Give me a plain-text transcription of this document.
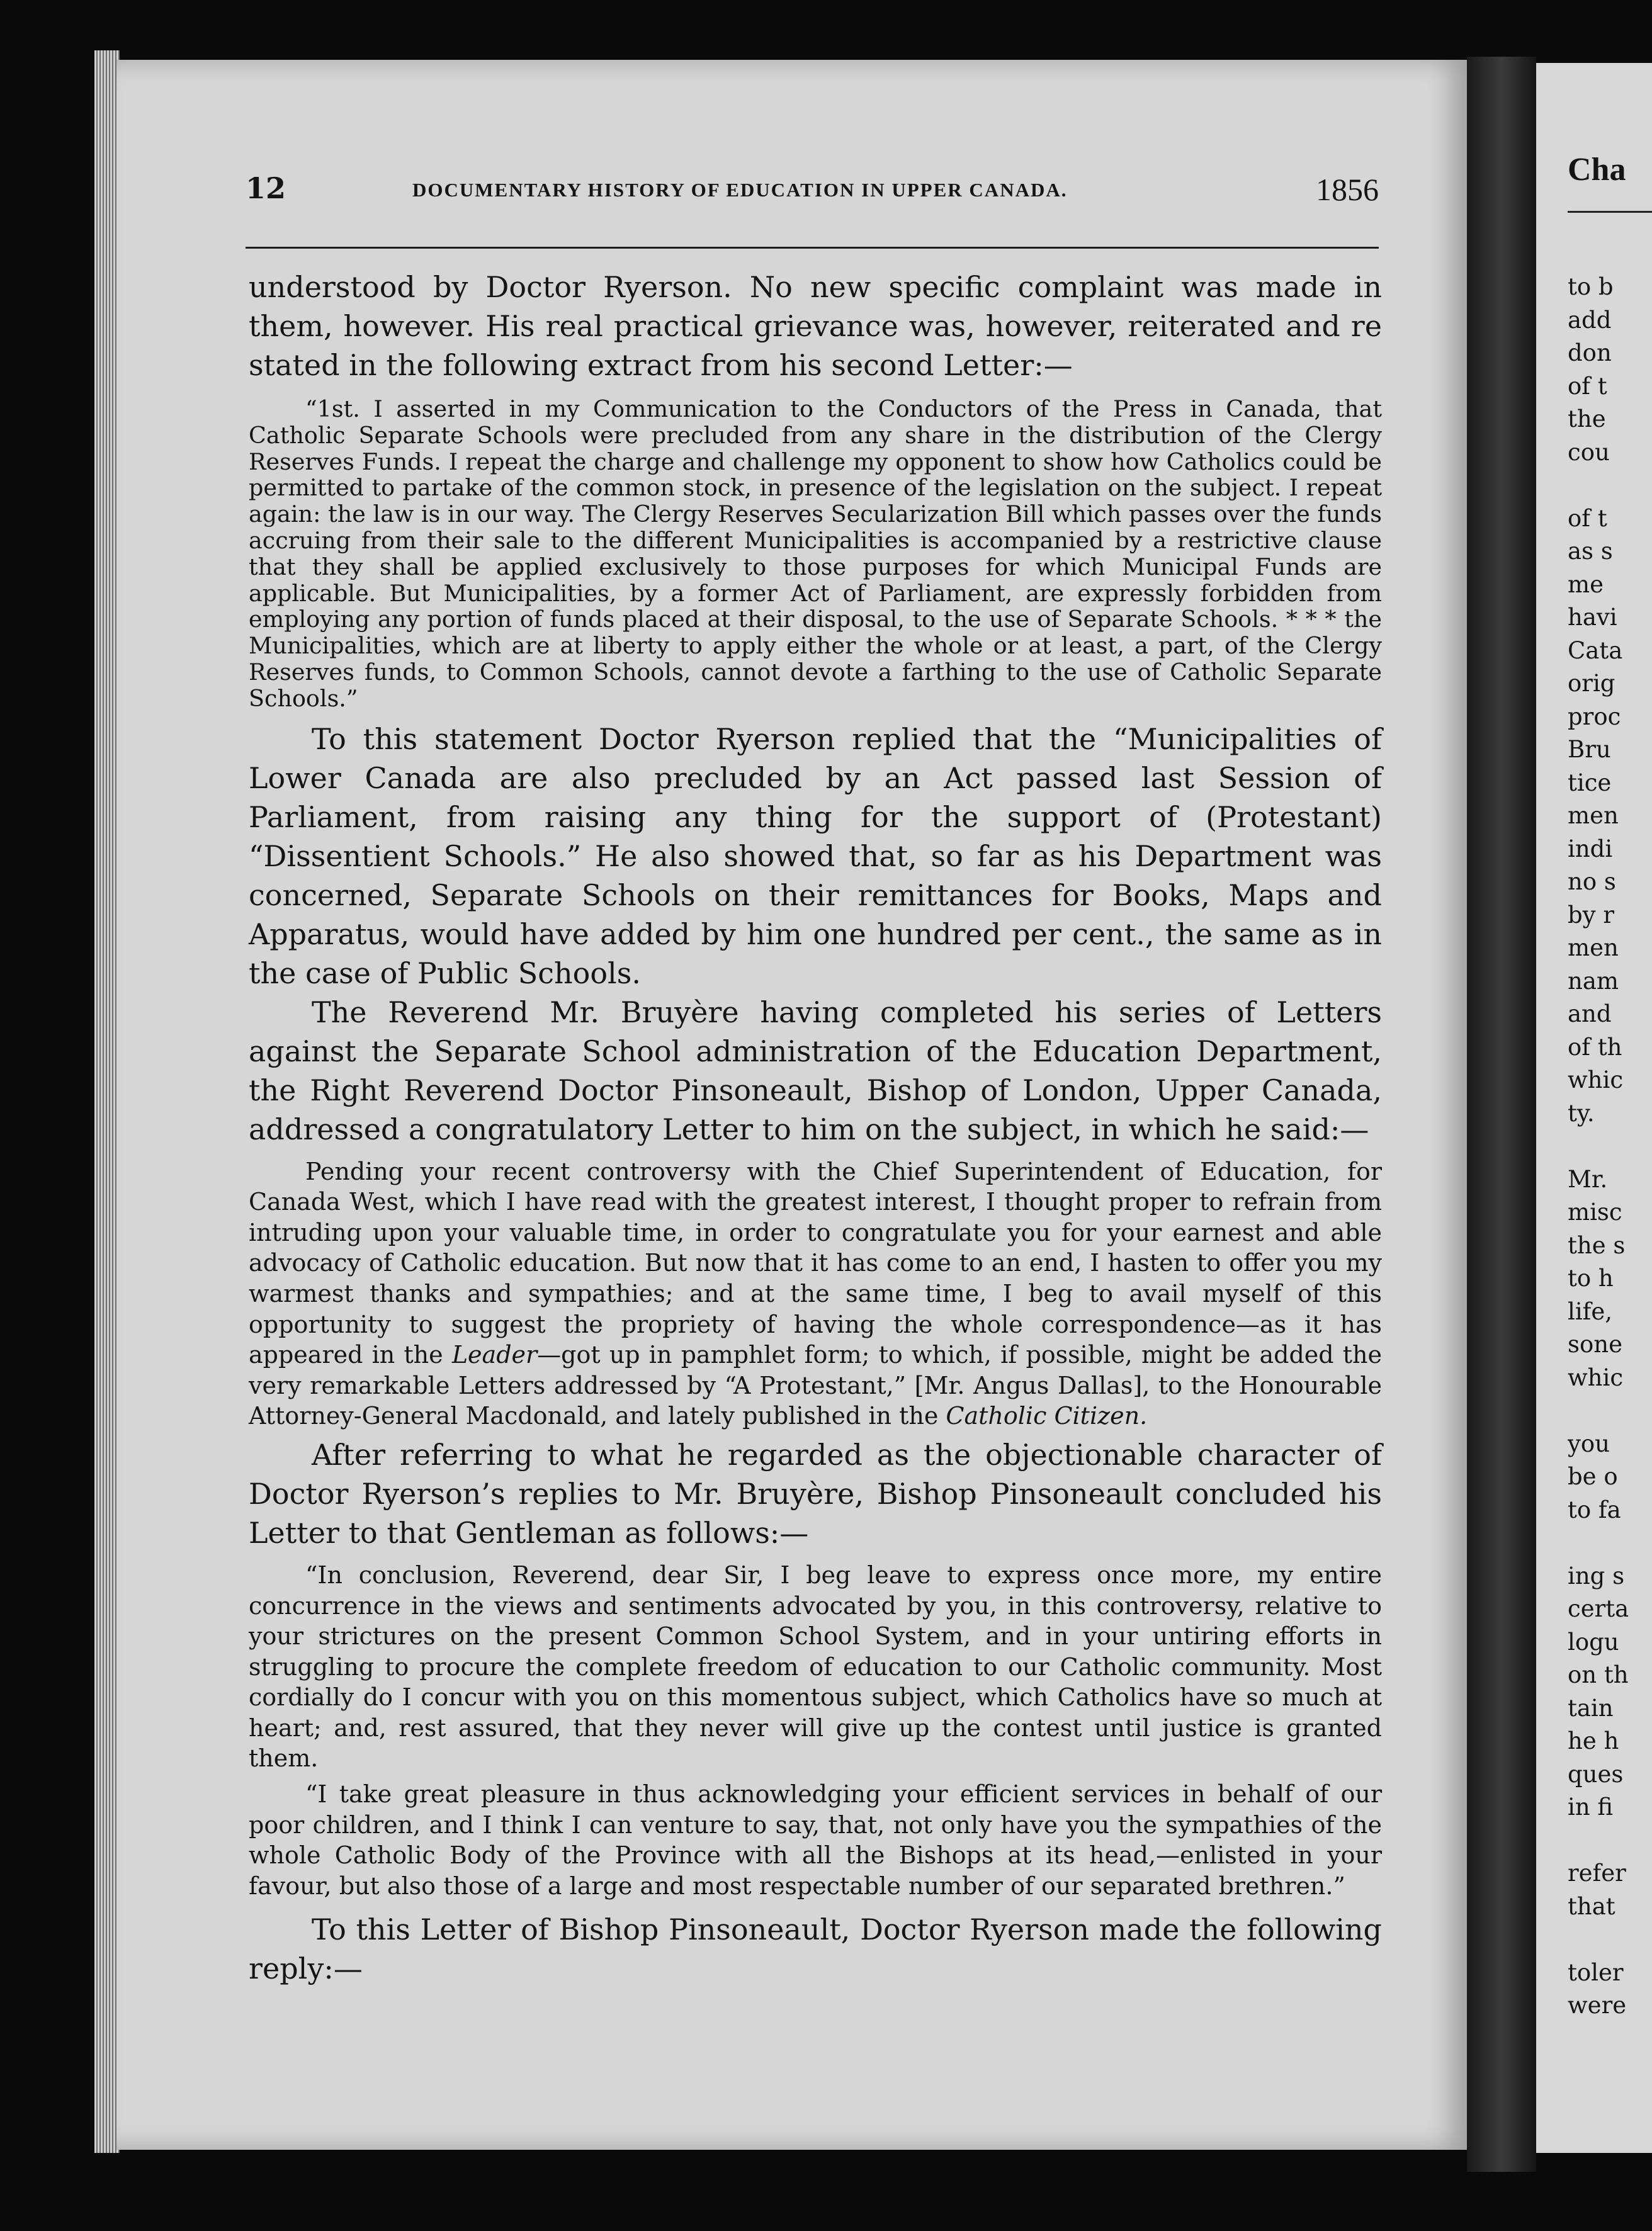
Cha
to b
add
don
of t
the
cou

of t
as s
me
havi
Cata
orig
proc
Bru
tice
men
indi
no s
by r
men
nam
and
of th
whic
ty.

Mr.
misc
the s
to h
life,
sone
whic

you
be o
to fa

ing s
certa
logu
on th
tain
he h
ques
in fi

refer
that

toler
were
12	DOCUMENTARY HISTORY OF EDUCATION IN UPPER CANADA.	1856

understood by Doctor Ryerson. No new specific complaint was made in them, however. His real practical grievance was, however, reiterated and re stated in the following extract from his second Letter:—

“1st. I asserted in my Communication to the Conductors of the Press in Canada, that Catholic Separate Schools were precluded from any share in the distribution of the Clergy Reserves Funds. I repeat the charge and challenge my opponent to show how Catholics could be permitted to partake of the common stock, in presence of the legislation on the subject. I repeat again: the law is in our way. The Clergy Reserves Secularization Bill which passes over the funds accruing from their sale to the different Municipalities is accompanied by a restrictive clause that they shall be applied exclusively to those purposes for which Municipal Funds are applicable. But Municipalities, by a former Act of Parliament, are expressly forbidden from employing any portion of funds placed at their disposal, to the use of Separate Schools. * * * the Municipalities, which are at liberty to apply either the whole or at least, a part, of the Clergy Reserves funds, to Common Schools, cannot devote a farthing to the use of Catholic Separate Schools.”

To this statement Doctor Ryerson replied that the “Municipalities of Lower Canada are also precluded by an Act passed last Session of Parliament, from raising any thing for the support of (Protestant) “Dissentient Schools.” He also showed that, so far as his Department was concerned, Separate Schools on their remittances for Books, Maps and Apparatus, would have added by him one hundred per cent., the same as in the case of Public Schools.

The Reverend Mr. Bruyère having completed his series of Letters against the Separate School administration of the Education Department, the Right Reverend Doctor Pinsoneault, Bishop of London, Upper Canada, addressed a congratulatory Letter to him on the subject, in which he said:—

Pending your recent controversy with the Chief Superintendent of Education, for Canada West, which I have read with the greatest interest, I thought proper to refrain from intruding upon your valuable time, in order to congratulate you for your earnest and able advocacy of Catholic education. But now that it has come to an end, I hasten to offer you my warmest thanks and sympathies; and at the same time, I beg to avail myself of this opportunity to suggest the propriety of having the whole correspondence—as it has appeared in the Leader—got up in pamphlet form; to which, if possible, might be added the very remarkable Letters addressed by “A Protestant,” [Mr. Angus Dallas], to the Honourable Attorney-General Macdonald, and lately published in the Catholic Citizen.

After referring to what he regarded as the objectionable character of Doctor Ryerson’s replies to Mr. Bruyère, Bishop Pinsoneault concluded his Letter to that Gentleman as follows:—

“In conclusion, Reverend, dear Sir, I beg leave to express once more, my entire concurrence in the views and sentiments advocated by you, in this controversy, relative to your strictures on the present Common School System, and in your untiring efforts in struggling to procure the complete freedom of education to our Catholic community. Most cordially do I concur with you on this momentous subject, which Catholics have so much at heart; and, rest assured, that they never will give up the contest until justice is granted them.

“I take great pleasure in thus acknowledging your efficient services in behalf of our poor children, and I think I can venture to say, that, not only have you the sympathies of the whole Catholic Body of the Province with all the Bishops at its head,—enlisted in your favour, but also those of a large and most respectable number of our separated brethren.”

To this Letter of Bishop Pinsoneault, Doctor Ryerson made the following reply:—
